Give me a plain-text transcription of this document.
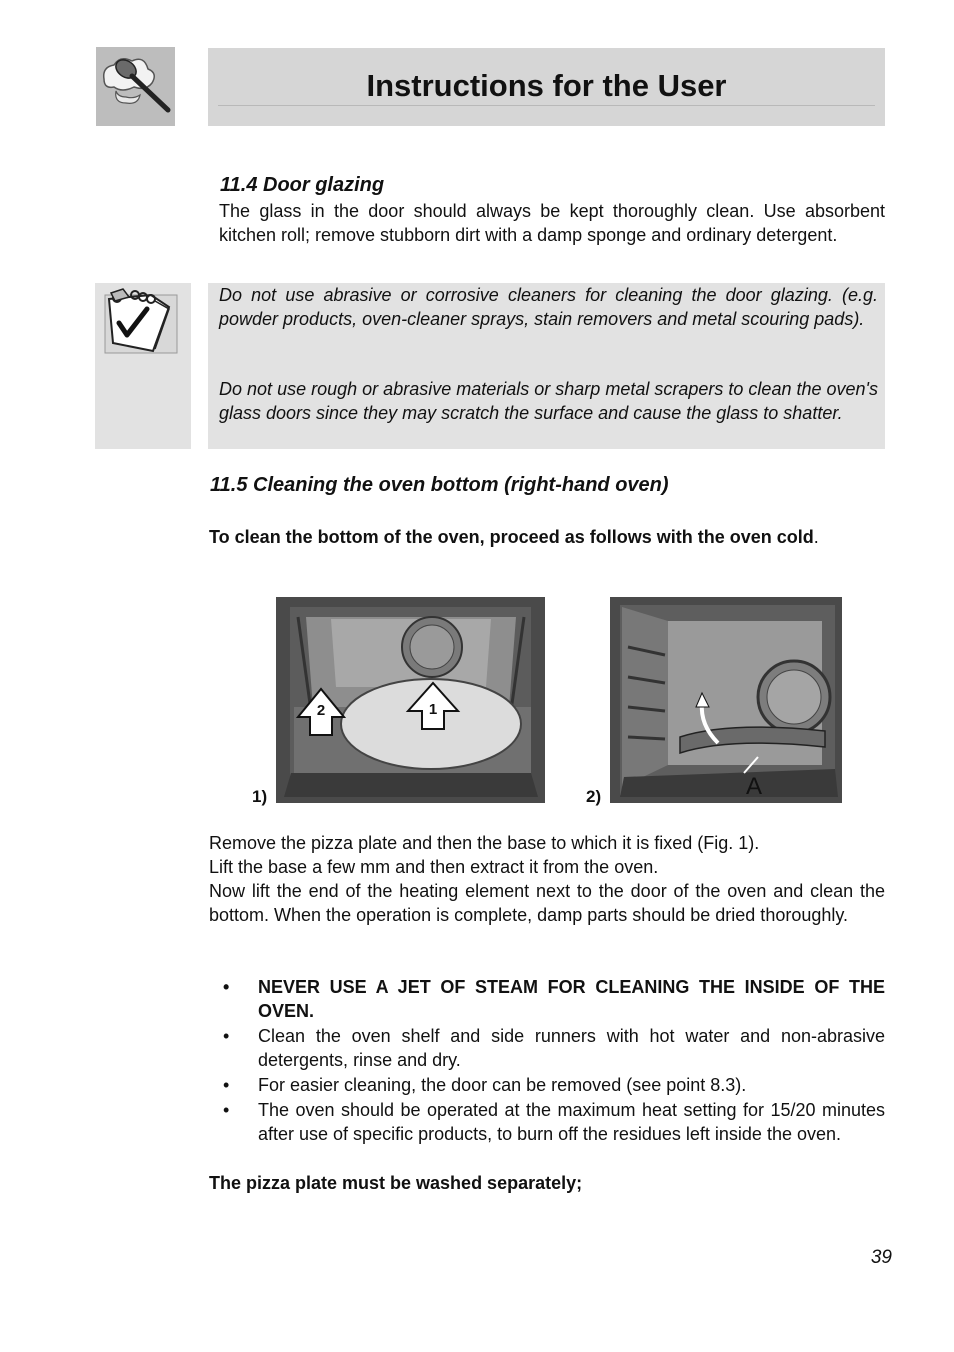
Instructions for the User
11.4 Door glazing
The glass in the door should always be kept thoroughly clean. Use absorbent kitchen roll; remove stubborn dirt with a damp sponge and ordinary detergent.
Do not use abrasive or corrosive cleaners for cleaning the door glazing. (e.g. powder products, oven-cleaner sprays, stain removers and metal scouring pads).
Do not use rough or abrasive materials or sharp metal scrapers to clean the oven's glass doors since they may scratch the surface and cause the glass to shatter.
11.5 Cleaning the oven bottom (right-hand oven)
To clean the bottom of the oven, proceed as follows with the oven cold.
2	1
1)	A
2)
Remove the pizza plate and then the base to which it is fixed (Fig. 1).
Lift the base a few mm and then extract it from the oven.
Now lift the end of the heating element next to the door of the oven and clean the bottom. When the operation is complete, damp parts should be dried thoroughly.
• NEVER USE A JET OF STEAM FOR CLEANING THE INSIDE OF THE OVEN.
• Clean the oven shelf and side runners with hot water and non-abrasive detergents, rinse and dry.
• For easier cleaning, the door can be removed (see point 8.3).
• The oven should be operated at the maximum heat setting for 15/20 minutes after use of specific products, to burn off the residues left inside the oven.
The pizza plate must be washed separately;
39
